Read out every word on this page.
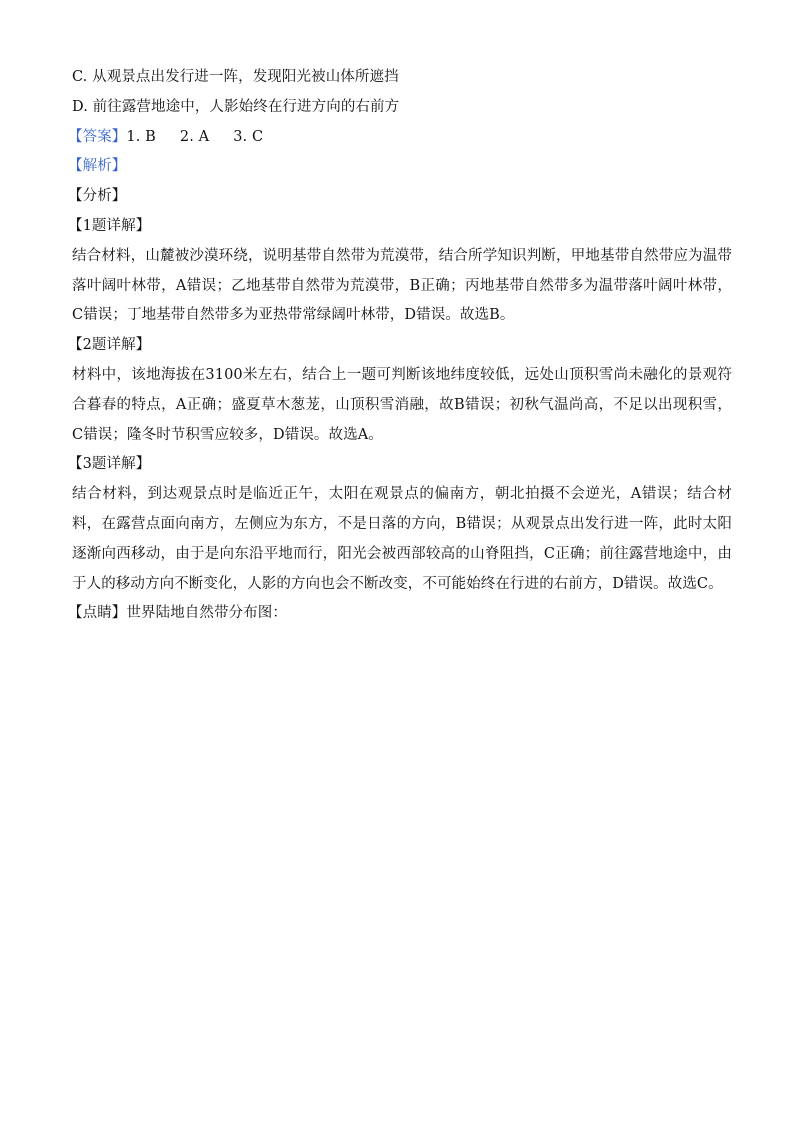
C. 从观景点出发行进一阵，发现阳光被山体所遮挡
D. 前往露营地途中，人影始终在行进方向的右前方
【答案】1. B 2. A 3. C
【解析】
【分析】
【1题详解】
结合材料，山麓被沙漠环绕，说明基带自然带为荒漠带，结合所学知识判断，甲地基带自然带应为温带落叶阔叶林带，A错误；乙地基带自然带为荒漠带，B正确；丙地基带自然带多为温带落叶阔叶林带，C错误；丁地基带自然带多为亚热带常绿阔叶林带，D错误。故选B。
【2题详解】
材料中，该地海拔在3100米左右，结合上一题可判断该地纬度较低，远处山顶积雪尚未融化的景观符合暮春的特点，A正确；盛夏草木葱茏，山顶积雪消融，故B错误；初秋气温尚高，不足以出现积雪，C错误；隆冬时节积雪应较多，D错误。故选A。
【3题详解】
结合材料，到达观景点时是临近正午，太阳在观景点的偏南方，朝北拍摄不会逆光，A错误；结合材料，在露营点面向南方，左侧应为东方，不是日落的方向，B错误；从观景点出发行进一阵，此时太阳逐渐向西移动，由于是向东沿平地而行，阳光会被西部较高的山脊阻挡，C正确；前往露营地途中，由于人的移动方向不断变化，人影的方向也会不断改变，不可能始终在行进的右前方，D错误。故选C。
【点睛】世界陆地自然带分布图：
